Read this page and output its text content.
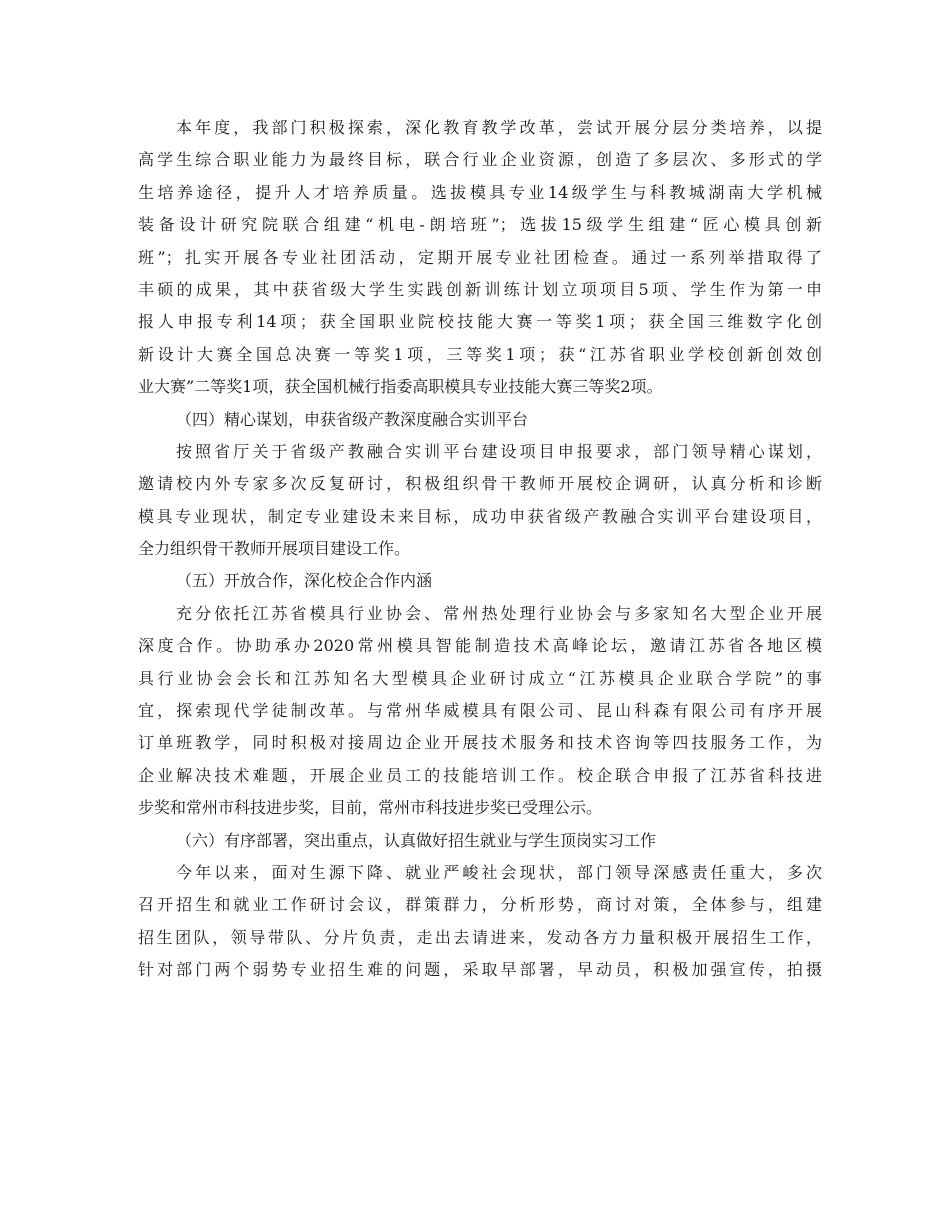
本年度，我部门积极探索，深化教育教学改革，尝试开展分层分类培养，以提
高学生综合职业能力为最终目标，联合行业企业资源，创造了多层次、多形式的学
生培养途径，提升人才培养质量。选拔模具专业14级学生与科教城湖南大学机械
装备设计研究院联合组建“机电-朗培班”；选拔15级学生组建“匠心模具创新
班”；扎实开展各专业社团活动，定期开展专业社团检查。通过一系列举措取得了
丰硕的成果，其中获省级大学生实践创新训练计划立项项目5项、学生作为第一申
报人申报专利14项；获全国职业院校技能大赛一等奖1项；获全国三维数字化创
新设计大赛全国总决赛一等奖1项，三等奖1项；获“江苏省职业学校创新创效创
业大赛”二等奖1项，获全国机械行指委高职模具专业技能大赛三等奖2项。
（四）精心谋划，申获省级产教深度融合实训平台
按照省厅关于省级产教融合实训平台建设项目申报要求，部门领导精心谋划，
邀请校内外专家多次反复研讨，积极组织骨干教师开展校企调研，认真分析和诊断
模具专业现状，制定专业建设未来目标，成功申获省级产教融合实训平台建设项目，
全力组织骨干教师开展项目建设工作。
（五）开放合作，深化校企合作内涵
充分依托江苏省模具行业协会、常州热处理行业协会与多家知名大型企业开展
深度合作。协助承办2020常州模具智能制造技术高峰论坛，邀请江苏省各地区模
具行业协会会长和江苏知名大型模具企业研讨成立“江苏模具企业联合学院”的事
宜，探索现代学徒制改革。与常州华威模具有限公司、昆山科森有限公司有序开展
订单班教学，同时积极对接周边企业开展技术服务和技术咨询等四技服务工作，为
企业解决技术难题，开展企业员工的技能培训工作。校企联合申报了江苏省科技进
步奖和常州市科技进步奖，目前，常州市科技进步奖已受理公示。
（六）有序部署，突出重点，认真做好招生就业与学生顶岗实习工作
今年以来，面对生源下降、就业严峻社会现状，部门领导深感责任重大，多次
召开招生和就业工作研讨会议，群策群力，分析形势，商讨对策，全体参与，组建
招生团队，领导带队、分片负责，走出去请进来，发动各方力量积极开展招生工作，
针对部门两个弱势专业招生难的问题，采取早部署，早动员，积极加强宣传，拍摄
